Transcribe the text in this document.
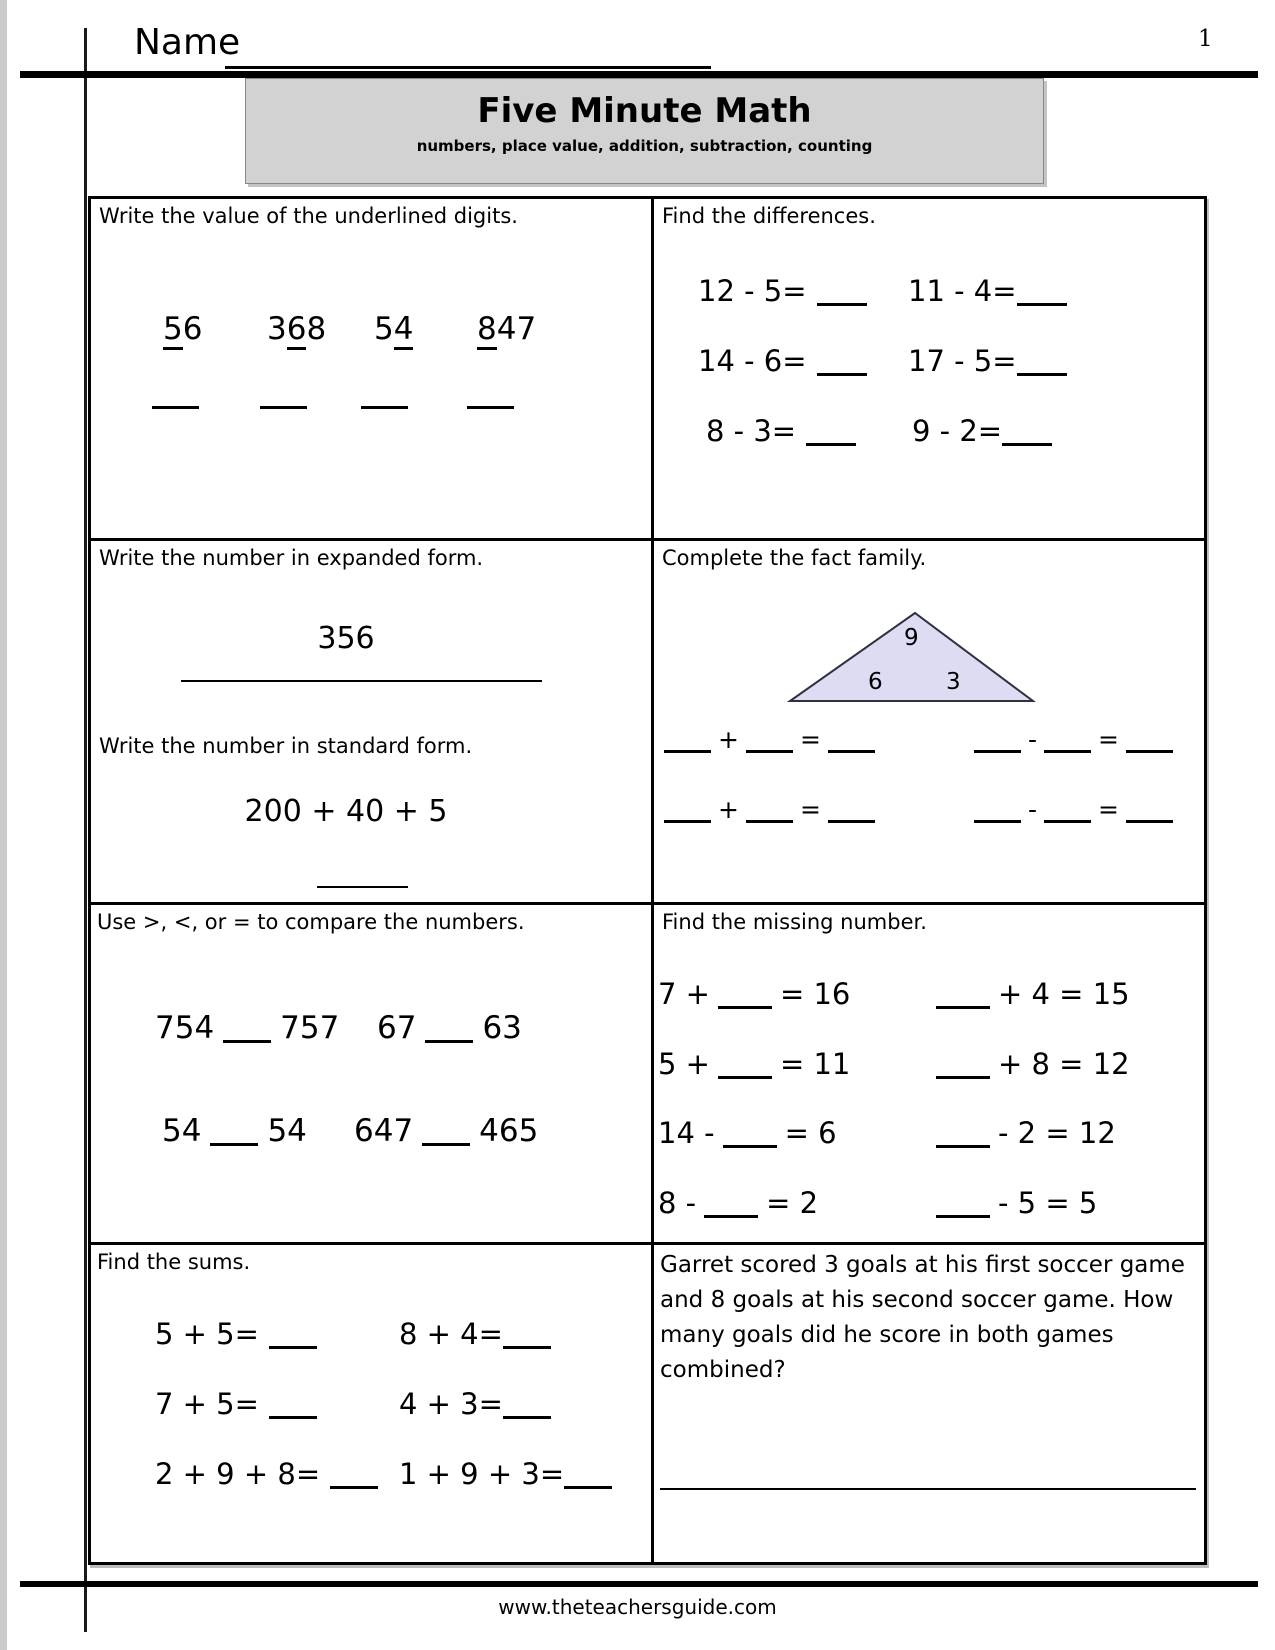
Name	1
Five Minute Math
numbers, place value, addition, subtraction, counting
Write the value of the underlined digits.
56 368 54 847
Find the differences.
12 - 5=	11 - 4=
14 - 6=	17 - 5=
8 - 3=	9 - 2=
Write the number in expanded form.
356
Write the number in standard form.
200 + 40 + 5
Complete the fact family.
9
6	3
+ =	- =
+ =	- =
Use >, <, or = to compare the numbers.
754 757 67 63
54 54 647 465
Find the missing number.
7 + = 16	+ 4 = 15
5 + = 11	+ 8 = 12
14 - = 6	- 2 = 12
8 - = 2	- 5 = 5
Find the sums.
5 + 5=	8 + 4=
7 + 5=	4 + 3=
2 + 9 + 8=	1 + 9 + 3=
Garret scored 3 goals at his first soccer game and 8 goals at his second soccer game. How many goals did he score in both games combined?
www.theteachersguide.com
